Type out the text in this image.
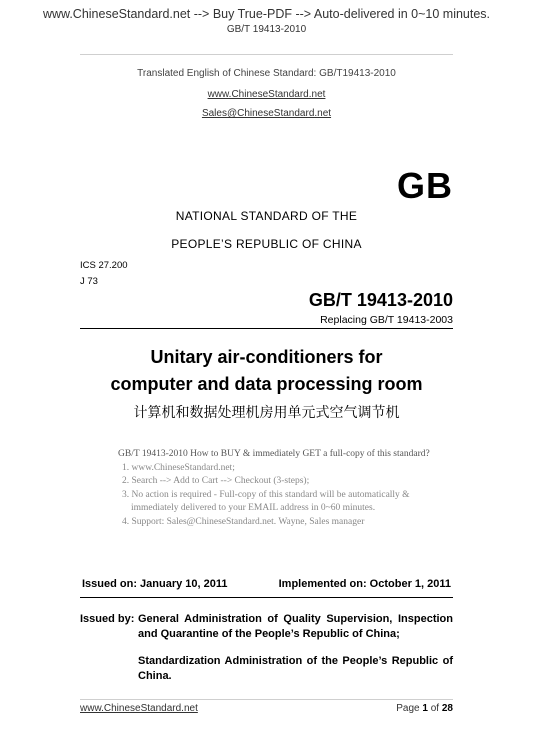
www.ChineseStandard.net --> Buy True-PDF --> Auto-delivered in 0~10 minutes.
GB/T 19413-2010
Translated English of Chinese Standard: GB/T19413-2010
www.ChineseStandard.net
Sales@ChineseStandard.net
GB
NATIONAL STANDARD OF THE
PEOPLE’S REPUBLIC OF CHINA
ICS 27.200
J 73
GB/T 19413-2010
Replacing GB/T 19413-2003
Unitary air-conditioners for
computer and data processing room
计算机和数据处理机房用单元式空气调节机
GB/T 19413-2010 How to BUY & immediately GET a full-copy of this standard?
1. www.ChineseStandard.net;
2. Search --> Add to Cart --> Checkout (3-steps);
3. No action is required - Full-copy of this standard will be automatically &
immediately delivered to your EMAIL address in 0~60 minutes.
4. Support: Sales@ChineseStandard.net. Wayne, Sales manager
Issued on: January 10, 2011	Implemented on: October 1, 2011
Issued by: General Administration of Quality Supervision, Inspection and Quarantine of the People’s Republic of China;
Standardization Administration of the People’s Republic of China.
www.ChineseStandard.net	Page 1 of 28
